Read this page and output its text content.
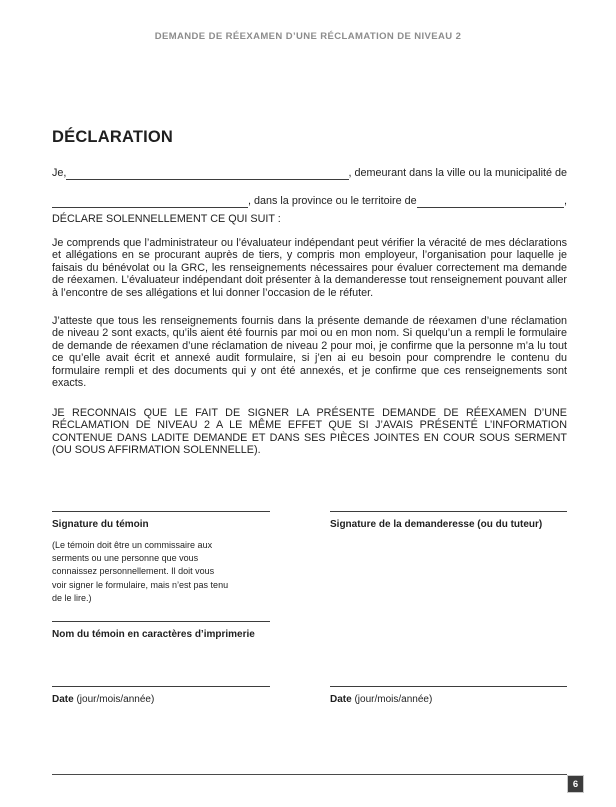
DEMANDE DE RÉEXAMEN D’UNE RÉCLAMATION DE NIVEAU 2
DÉCLARATION
Je,	, demeurant dans la ville ou la municipalité de
, dans la province ou le territoire de	,
DÉCLARE SOLENNELLEMENT CE QUI SUIT :

Je comprends que l’administrateur ou l’évaluateur indépendant peut vérifier la véracité de mes déclarations et allégations en se procurant auprès de tiers, y compris mon employeur, l’organisation pour laquelle je faisais du bénévolat ou la GRC, les renseignements nécessaires pour évaluer correctement ma demande de réexamen. L’évaluateur indépendant doit présenter à la demanderesse tout renseignement pouvant aller à l’encontre de ses allégations et lui donner l’occasion de le réfuter.

J’atteste que tous les renseignements fournis dans la présente demande de réexamen d’une réclamation de niveau 2 sont exacts, qu’ils aient été fournis par moi ou en mon nom. Si quelqu’un a rempli le formulaire de demande de réexamen d’une réclamation de niveau 2 pour moi, je confirme que la personne m’a lu tout ce qu’elle avait écrit et annexé audit formulaire, si j’en ai eu besoin pour comprendre le contenu du formulaire rempli et des documents qui y ont été annexés, et je confirme que ces renseignements sont exacts.

JE RECONNAIS QUE LE FAIT DE SIGNER LA PRÉSENTE DEMANDE DE RÉEXAMEN D’UNE RÉCLAMATION DE NIVEAU 2 A LE MÊME EFFET QUE SI J’AVAIS PRÉSENTÉ L’INFORMATION CONTENUE DANS LADITE DEMANDE ET DANS SES PIÈCES JOINTES EN COUR SOUS SERMENT (OU SOUS AFFIRMATION SOLENNELLE).

Signature du témoin	Signature de la demanderesse (ou du tuteur)
(Le témoin doit être un commissaire aux serments ou une personne que vous connaissez personnellement. Il doit vous voir signer le formulaire, mais n’est pas tenu de le lire.)
Nom du témoin en caractères d’imprimerie
Date (jour/mois/année)	Date (jour/mois/année)
6
